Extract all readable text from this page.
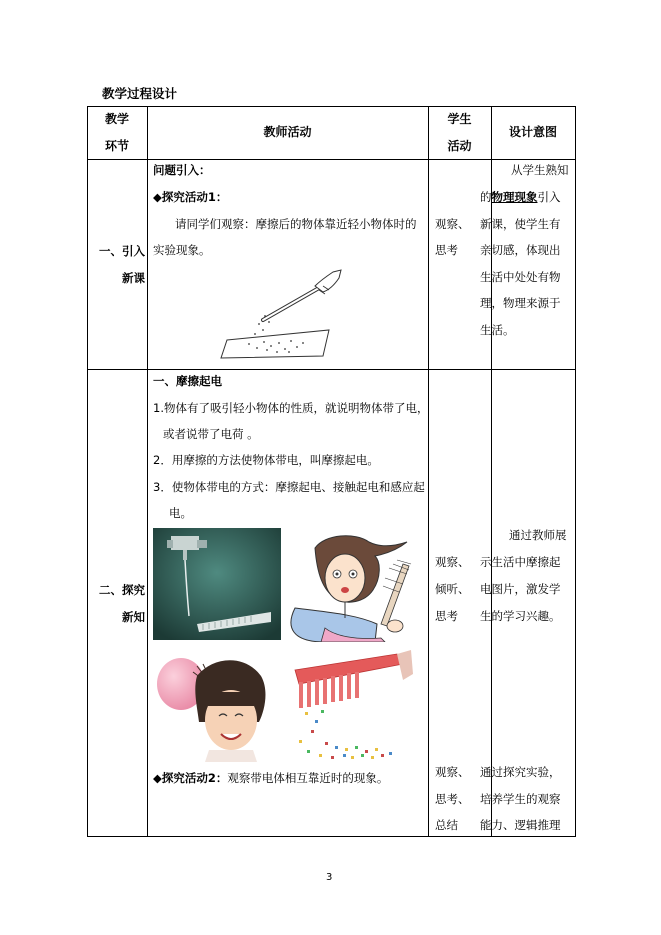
教学过程设计
教学
环节
教师活动
学生
活动
设计意图
一、引入
新课
问题引入：
◆探究活动1：
请同学们观察：摩擦后的物体靠近轻小物体时的
实验现象。
观察、
思考
从学生熟知
的物理现象引入
新课，使学生有
亲切感，体现出
生活中处处有物
理，物理来源于
生活。
二、探究
新知
一、摩擦起电
1.物体有了吸引轻小物体的性质，就说明物体带了电，
或者说带了电荷 。
2．用摩擦的方法使物体带电，叫摩擦起电。
3．使物体带电的方式：摩擦起电、接触起电和感应起
电。
◆探究活动2：观察带电体相互靠近时的现象。
观察、
倾听、
思考
观察、
思考、
总结
通过教师展
示生活中摩擦起
电图片，激发学
生的学习兴趣。
通过探究实验，
培养学生的观察
能力、逻辑推理
3
